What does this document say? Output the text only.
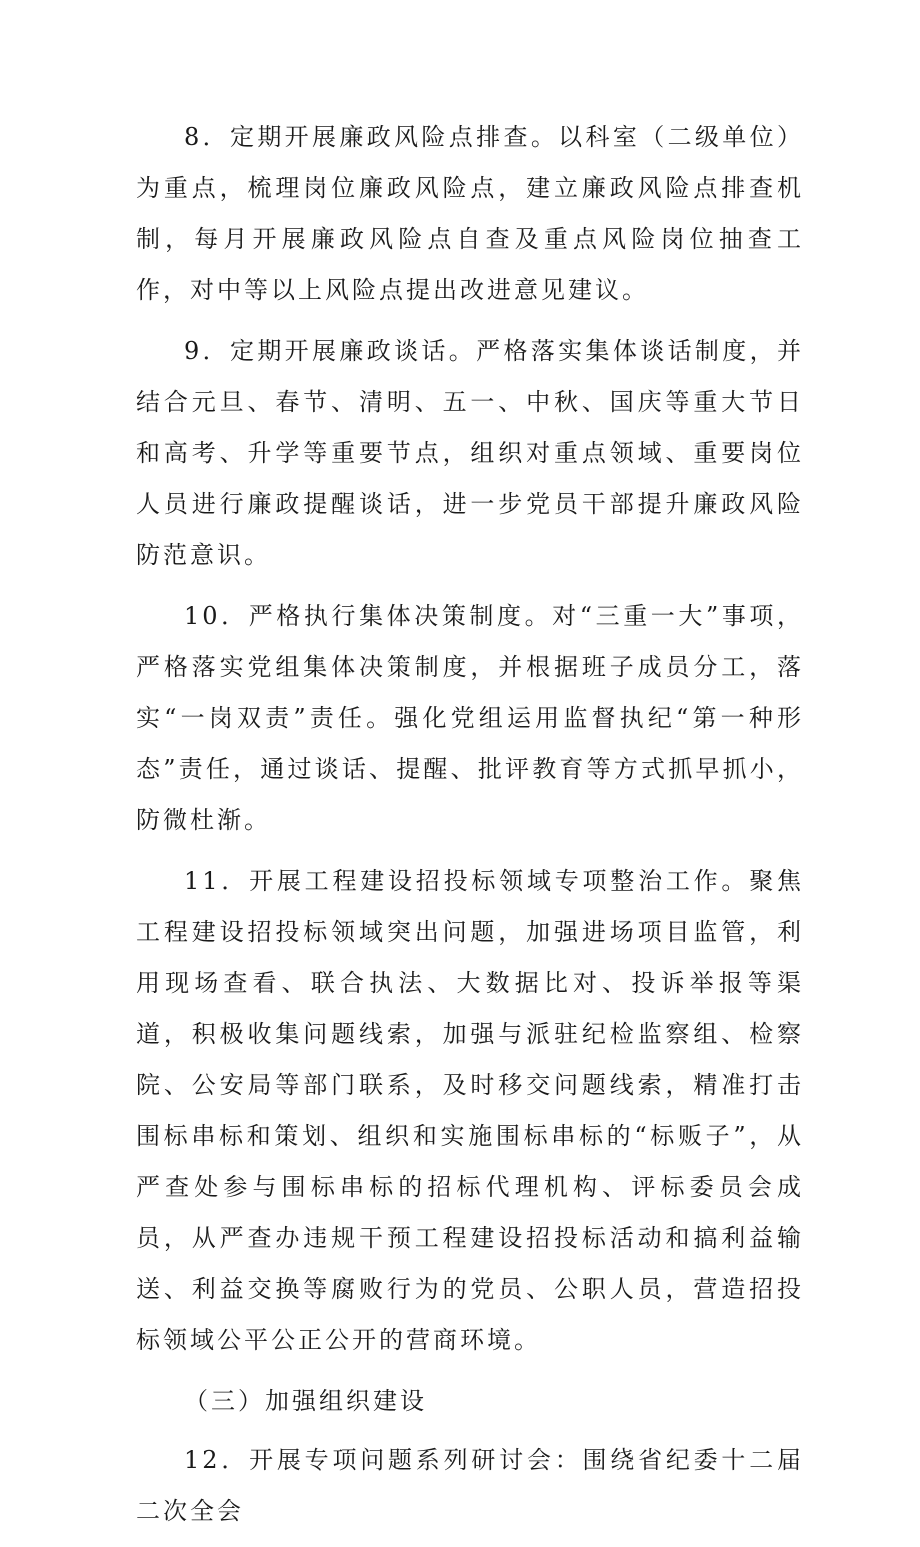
8．定期开展廉政风险点排查。以科室（二级单位）为重点，梳理岗位廉政风险点，建立廉政风险点排查机制，每月开展廉政风险点自查及重点风险岗位抽查工作，对中等以上风险点提出改进意见建议。

9．定期开展廉政谈话。严格落实集体谈话制度，并结合元旦、春节、清明、五一、中秋、国庆等重大节日和高考、升学等重要节点，组织对重点领域、重要岗位人员进行廉政提醒谈话，进一步党员干部提升廉政风险防范意识。

10．严格执行集体决策制度。对“三重一大”事项，严格落实党组集体决策制度，并根据班子成员分工，落实“一岗双责”责任。强化党组运用监督执纪“第一种形态”责任，通过谈话、提醒、批评教育等方式抓早抓小，防微杜渐。

11．开展工程建设招投标领域专项整治工作。聚焦工程建设招投标领域突出问题，加强进场项目监管，利用现场查看、联合执法、大数据比对、投诉举报等渠道，积极收集问题线索，加强与派驻纪检监察组、检察院、公安局等部门联系，及时移交问题线索，精准打击围标串标和策划、组织和实施围标串标的“标贩子”，从严查处参与围标串标的招标代理机构、评标委员会成员，从严查办违规干预工程建设招投标活动和搞利益输送、利益交换等腐败行为的党员、公职人员，营造招投标领域公平公正公开的营商环境。

（三）加强组织建设

12．开展专项问题系列研讨会：围绕省纪委十二届二次全会
